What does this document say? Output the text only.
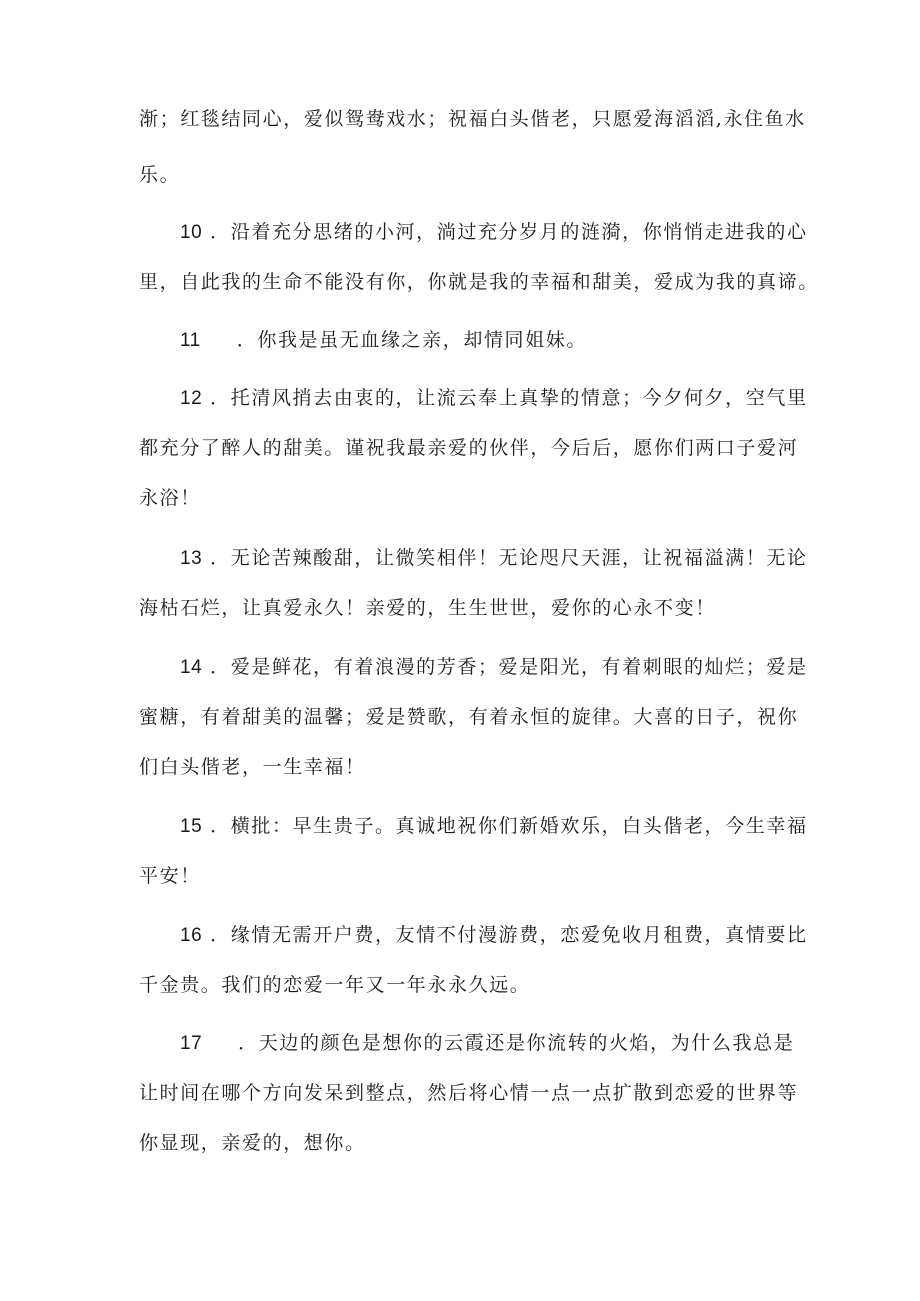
渐；红毯结同心，爱似鸳鸯戏水；祝福白头偕老，只愿爱海滔滔,永住鱼水
乐。

10 ．沿着充分思绪的小河，淌过充分岁月的涟漪，你悄悄走进我的心
里，自此我的生命不能没有你，你就是我的幸福和甜美，爱成为我的真谛。

11 ．你我是虽无血缘之亲，却情同姐妹。

12 ．托清风捎去由衷的，让流云奉上真挚的情意；今夕何夕，空气里
都充分了醉人的甜美。谨祝我最亲爱的伙伴，今后后，愿你们两口子爱河
永浴！

13 ．无论苦辣酸甜，让微笑相伴！无论咫尺天涯，让祝福溢满！无论
海枯石烂，让真爱永久！亲爱的，生生世世，爱你的心永不变！

14 ．爱是鲜花，有着浪漫的芳香；爱是阳光，有着刺眼的灿烂；爱是
蜜糖，有着甜美的温馨；爱是赞歌，有着永恒的旋律。大喜的日子，祝你
们白头偕老，一生幸福！

15 ．横批：早生贵子。真诚地祝你们新婚欢乐，白头偕老，今生幸福
平安！

16 ．缘情无需开户费，友情不付漫游费，恋爱免收月租费，真情要比
千金贵。我们的恋爱一年又一年永永久远。

17 ．天边的颜色是想你的云霞还是你流转的火焰，为什么我总是
让时间在哪个方向发呆到整点，然后将心情一点一点扩散到恋爱的世界等
你显现，亲爱的，想你。
